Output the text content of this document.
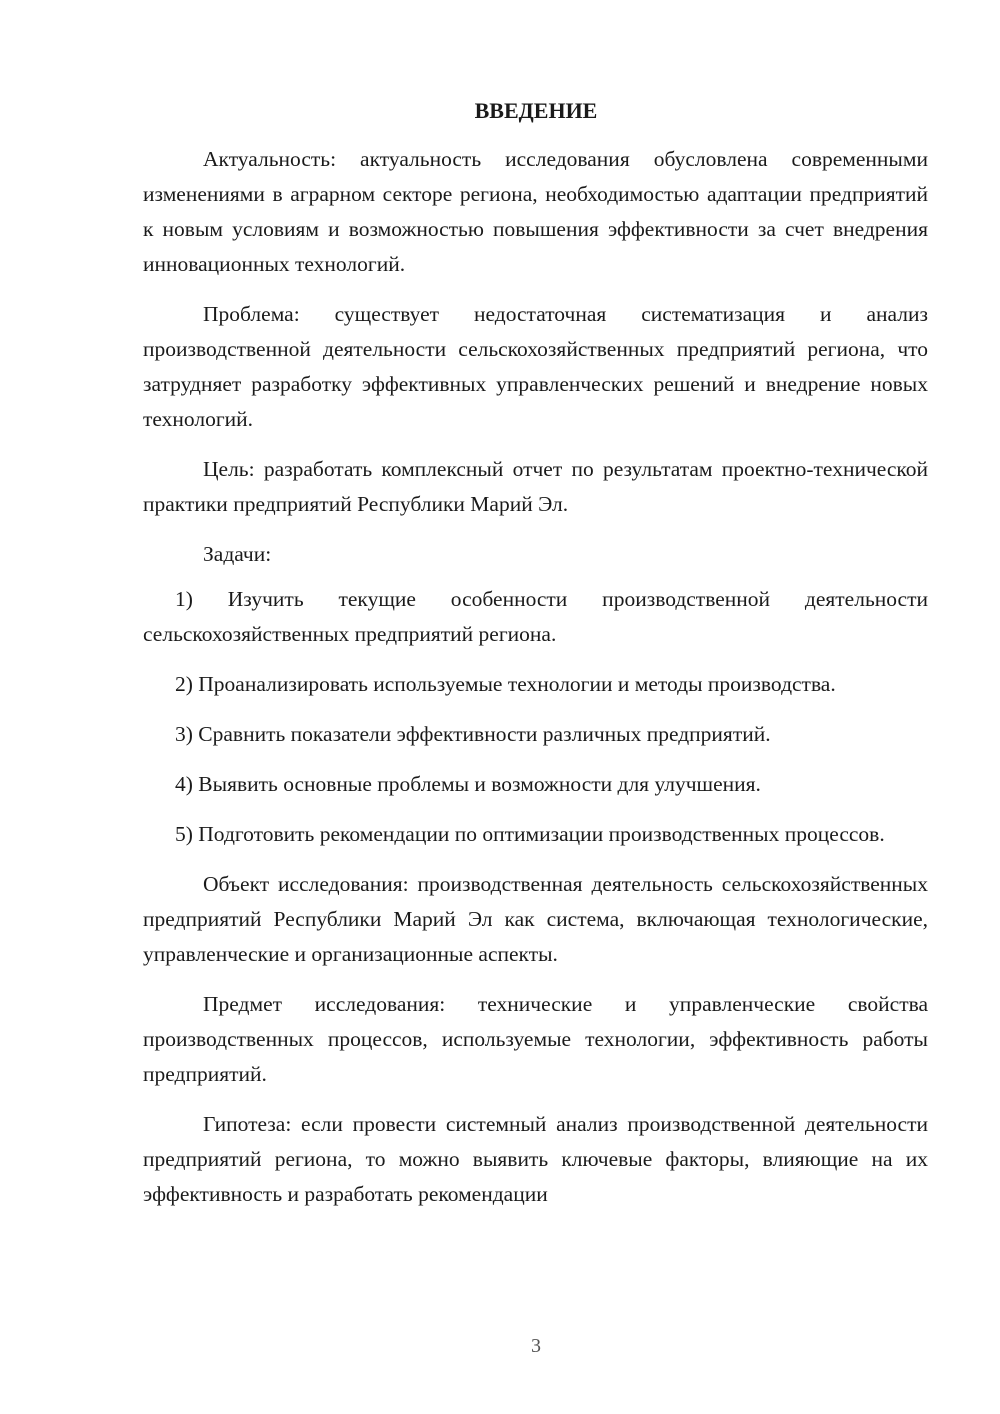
ВВЕДЕНИЕ

Актуальность: актуальность исследования обусловлена современными изменениями в аграрном секторе региона, необходимостью адаптации предприятий к новым условиям и возможностью повышения эффективности за счет внедрения инновационных технологий.

Проблема: существует недостаточная систематизация и анализ производственной деятельности сельскохозяйственных предприятий региона, что затрудняет разработку эффективных управленческих решений и внедрение новых технологий.

Цель: разработать комплексный отчет по результатам проектно-технической практики предприятий Республики Марий Эл.

Задачи:

1) Изучить текущие особенности производственной деятельности сельскохозяйственных предприятий региона.

2) Проанализировать используемые технологии и методы производства.

3) Сравнить показатели эффективности различных предприятий.

4) Выявить основные проблемы и возможности для улучшения.

5) Подготовить рекомендации по оптимизации производственных процессов.

Объект исследования: производственная деятельность сельскохозяйственных предприятий Республики Марий Эл как система, включающая технологические, управленческие и организационные аспекты.

Предмет исследования: технические и управленческие свойства производственных процессов, используемые технологии, эффективность работы предприятий.

Гипотеза: если провести системный анализ производственной деятельности предприятий региона, то можно выявить ключевые факторы, влияющие на их эффективность и разработать рекомендации

3
